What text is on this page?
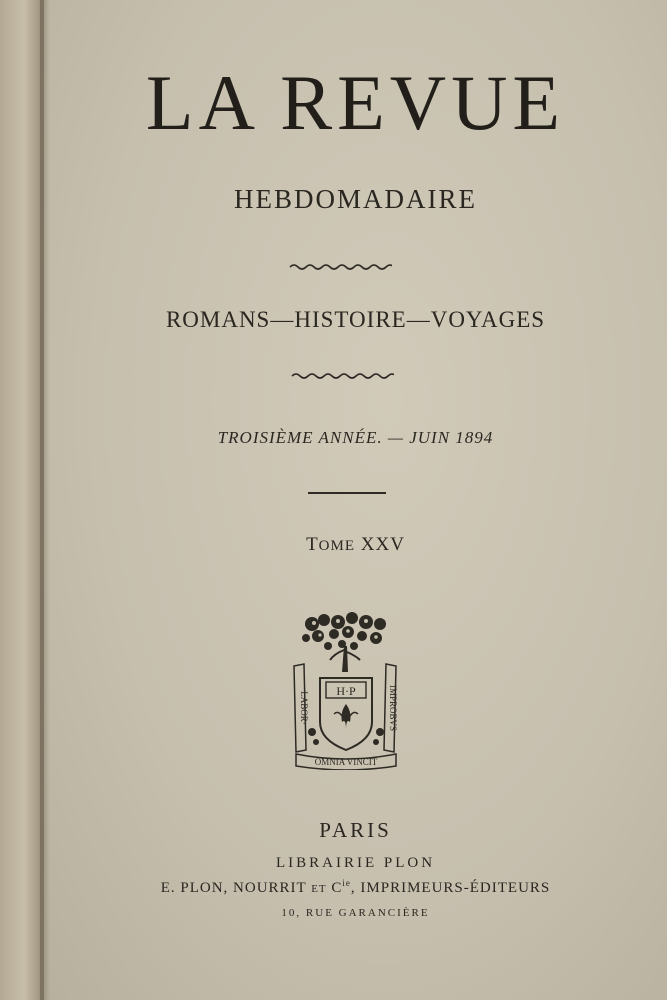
LA REVUE
HEBDOMADAIRE
ROMANS—HISTOIRE—VOYAGES
TROISIÈME ANNÉE. — JUIN 1894
TOME XXV
H·P
LABOR·	IMPROBVS
OMNIA VINCIT
PARIS
LIBRAIRIE PLON
E. PLON, NOURRIT ET $C^{ie}$, IMPRIMEURS-ÉDITEURS
10, RUE GARANCIÈRE
